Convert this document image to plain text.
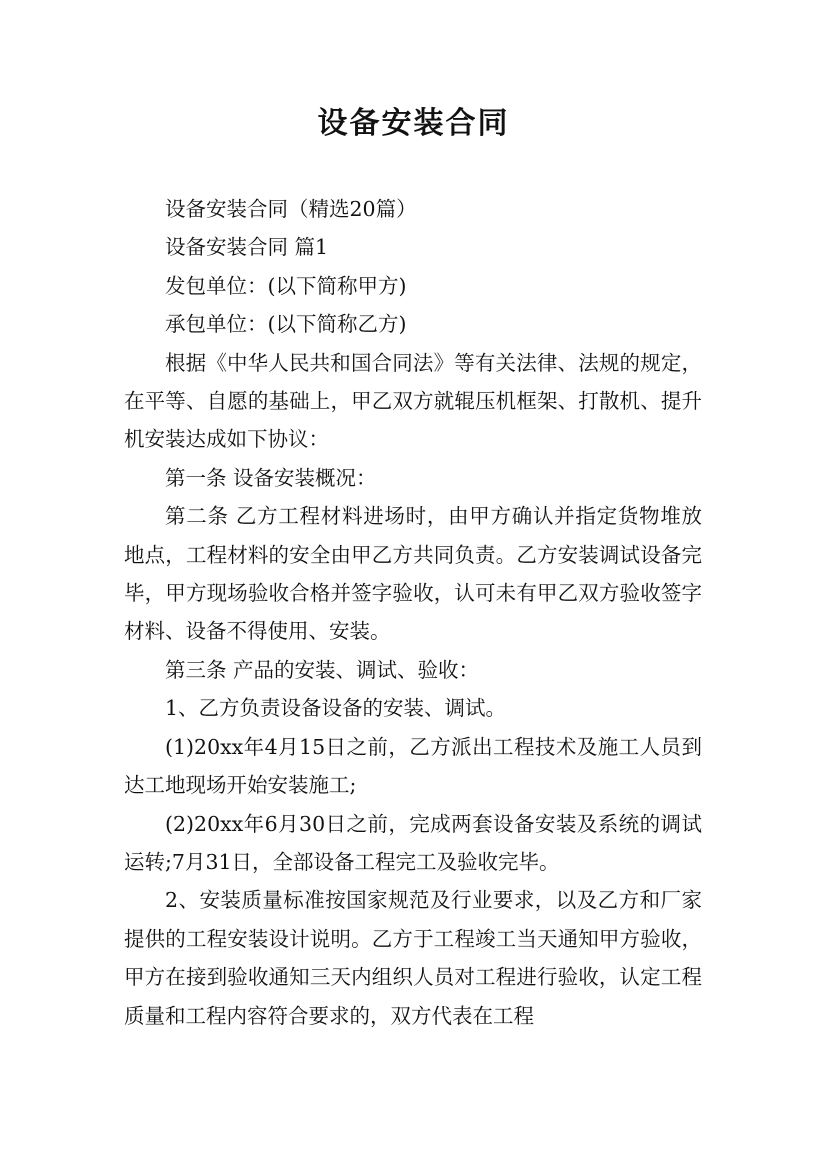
设备安装合同

设备安装合同（精选20篇）

设备安装合同 篇1

发包单位：(以下简称甲方)

承包单位：(以下简称乙方)

根据《中华人民共和国合同法》等有关法律、法规的规定，在平等、自愿的基础上，甲乙双方就辊压机框架、打散机、提升机安装达成如下协议：

第一条 设备安装概况：

第二条 乙方工程材料进场时，由甲方确认并指定货物堆放地点，工程材料的安全由甲乙方共同负责。乙方安装调试设备完毕，甲方现场验收合格并签字验收，认可未有甲乙双方验收签字材料、设备不得使用、安装。

第三条 产品的安装、调试、验收：

1、乙方负责设备设备的安装、调试。

(1)20xx年4月15日之前，乙方派出工程技术及施工人员到达工地现场开始安装施工;

(2)20xx年6月30日之前，完成两套设备安装及系统的调试运转;7月31日，全部设备工程完工及验收完毕。

2、安装质量标准按国家规范及行业要求，以及乙方和厂家提供的工程安装设计说明。乙方于工程竣工当天通知甲方验收，甲方在接到验收通知三天内组织人员对工程进行验收，认定工程质量和工程内容符合要求的，双方代表在工程
